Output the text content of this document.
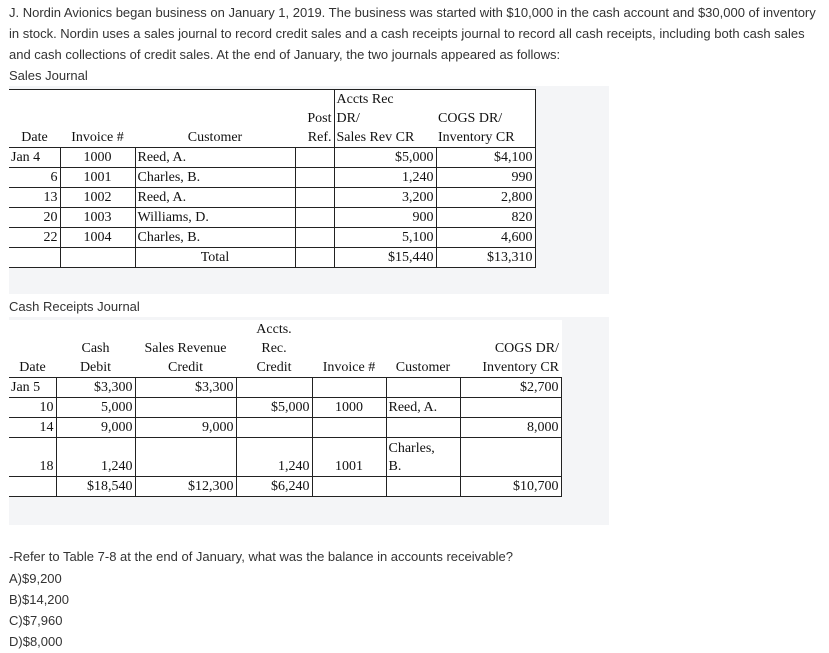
J. Nordin Avionics began business on January 1, 2019. The business was started with $10,000 in the cash account and $30,000 of inventory in stock. Nordin uses a sales journal to record credit sales and a cash receipts journal to record all cash receipts, including both cash sales and cash collections of credit sales. At the end of January, the two journals appeared as follows:
Sales Journal
				Accts Rec	
			Post	DR/	COGS DR/
Date	Invoice #	Customer	Ref.	Sales Rev CR	Inventory CR
Jan 4	1000	Reed, A.		$5,000	$4,100
6	1001	Charles, B.		1,240	990
13	1002	Reed, A.		3,200	2,800
20	1003	Williams, D.		900	820
22	1004	Charles, B.		5,100	4,600
		Total		$15,440	$13,310
Cash Receipts Journal
			Accts.			
	Cash	Sales Revenue	Rec.			COGS DR/
Date	Debit	Credit	Credit	Invoice #	Customer	Inventory CR
Jan 5	$3,300	$3,300				$2,700
10	5,000		$5,000	1000	Reed, A.	
14	9,000	9,000				8,000
18	1,240		1,240	1001	Charles,
B.	

	$18,540	$12,300	$6,240			$10,700
-Refer to Table 7-8 at the end of January, what was the balance in accounts receivable?
A)$9,200
B)$14,200
C)$7,960
D)$8,000
